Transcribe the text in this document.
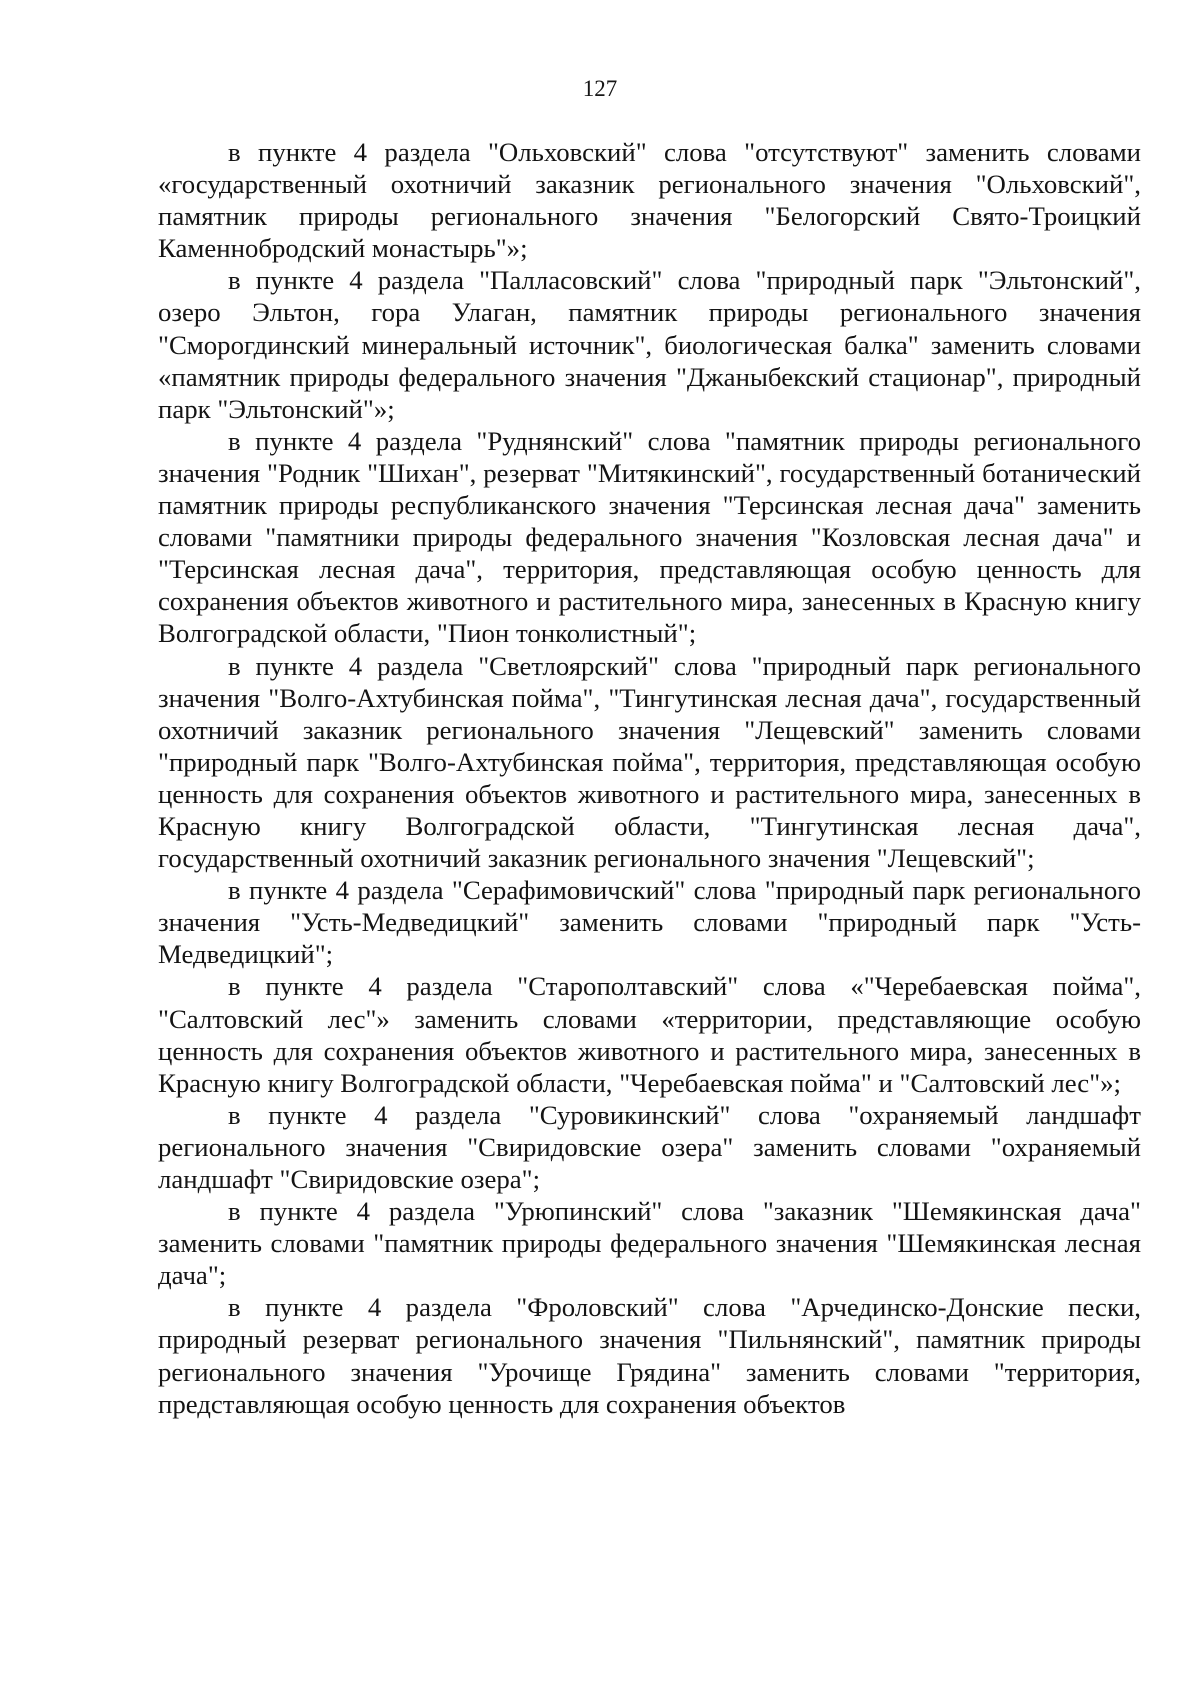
127

в пункте 4 раздела "Ольховский" слова "отсутствуют" заменить словами «государственный охотничий заказник регионального значения "Ольховский", памятник природы регионального значения "Белогорский Свято-Троицкий Каменнобродский монастырь"»;

в пункте 4 раздела "Палласовский" слова "природный парк "Эльтонский", озеро Эльтон, гора Улаган, памятник природы регионального значения "Сморогдинский минеральный источник", биологическая балка" заменить словами «памятник природы федерального значения "Джаныбекский стационар", природный парк "Эльтонский"»;

в пункте 4 раздела "Руднянский" слова "памятник природы регионального значения "Родник "Шихан", резерват "Митякинский", государственный ботанический памятник природы республиканского значения "Терсинская лесная дача" заменить словами "памятники природы федерального значения "Козловская лесная дача" и "Терсинская лесная дача", территория, представляющая особую ценность для сохранения объектов животного и растительного мира, занесенных в Красную книгу Волгоградской области, "Пион тонколистный";

в пункте 4 раздела "Светлоярский" слова "природный парк регионального значения "Волго-Ахтубинская пойма", "Тингутинская лесная дача", государственный охотничий заказник регионального значения "Лещевский" заменить словами "природный парк "Волго-Ахтубинская пойма", территория, представляющая особую ценность для сохранения объектов животного и растительного мира, занесенных в Красную книгу Волгоградской области, "Тингутинская лесная дача", государственный охотничий заказник регионального значения "Лещевский";

в пункте 4 раздела "Серафимовичский" слова "природный парк регионального значения "Усть-Медведицкий" заменить словами "природный парк "Усть-Медведицкий";

в пункте 4 раздела "Старополтавский" слова «"Черебаевская пойма", "Салтовский лес"» заменить словами «территории, представляющие особую ценность для сохранения объектов животного и растительного мира, занесенных в Красную книгу Волгоградской области, "Черебаевская пойма" и "Салтовский лес"»;

в пункте 4 раздела "Суровикинский" слова "охраняемый ландшафт регионального значения "Свиридовские озера" заменить словами "охраняемый ландшафт "Свиридовские озера";

в пункте 4 раздела "Урюпинский" слова "заказник "Шемякинская дача" заменить словами "памятник природы федерального значения "Шемякинская лесная дача";

в пункте 4 раздела "Фроловский" слова "Арчединско-Донские пески, природный резерват регионального значения "Пильнянский", памятник природы регионального значения "Урочище Грядина" заменить словами "территория, представляющая особую ценность для сохранения объектов
